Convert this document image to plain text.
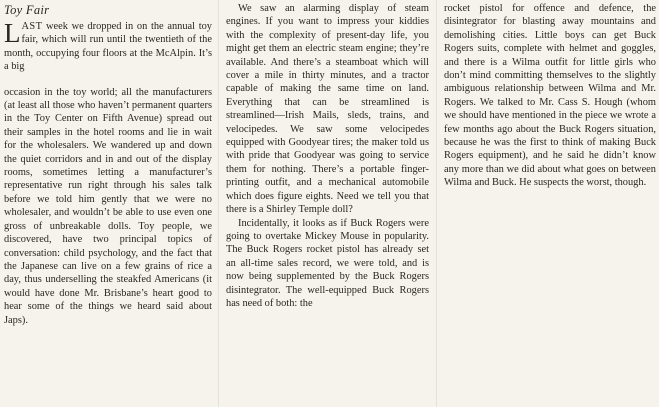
Toy Fair

LAST week we dropped in on the annual toy fair, which will run until the twentieth of the month, occupying four floors at the McAlpin. It’s a big

occasion in the toy world; all the manufacturers (at least all those who haven’t permanent quarters in the Toy Center on Fifth Avenue) spread out their samples in the hotel rooms and lie in wait for the wholesalers. We wandered up and down the quiet corridors and in and out of the display rooms, sometimes letting a manufacturer’s representative run right through his sales talk before we told him gently that we were no wholesaler, and wouldn’t be able to use even one gross of unbreakable dolls. Toy people, we discovered, have two principal topics of conversation: child psychology, and the fact that the Japanese can live on a few grains of rice a day, thus underselling the steakfed Americans (it would have done Mr. Brisbane’s heart good to hear some of the things we heard said about Japs).

We saw an alarming display of steam engines. If you want to impress your kiddies with the complexity of present-day life, you might get them an electric steam engine; they’re available. And there’s a steamboat which will cover a mile in thirty minutes, and a tractor capable of making the same time on land. Everything that can be streamlined is streamlined—Irish Mails, sleds, trains, and velocipedes. We saw some velocipedes equipped with Goodyear tires; the maker told us with pride that Goodyear was going to service them for nothing. There’s a portable finger-printing outfit, and a mechanical automobile which does figure eights. Need we tell you that there is a Shirley Temple doll?

Incidentally, it looks as if Buck Rogers were going to overtake Mickey Mouse in popularity. The Buck Rogers rocket pistol has already set an all-time sales record, we were told, and is now being supplemented by the Buck Rogers disintegrator. The well-equipped Buck Rogers has need of both: the

rocket pistol for offence and defence, the disintegrator for blasting away mountains and demolishing cities. Little boys can get Buck Rogers suits, complete with helmet and goggles, and there is a Wilma outfit for little girls who don’t mind committing themselves to the slightly ambiguous relationship between Wilma and Mr. Rogers. We talked to Mr. Cass S. Hough (whom we should have mentioned in the piece we wrote a few months ago about the Buck Rogers situation, because he was the first to think of making Buck Rogers equipment), and he said he didn’t know any more than we did about what goes on between Wilma and Buck. He suspects the worst, though.
